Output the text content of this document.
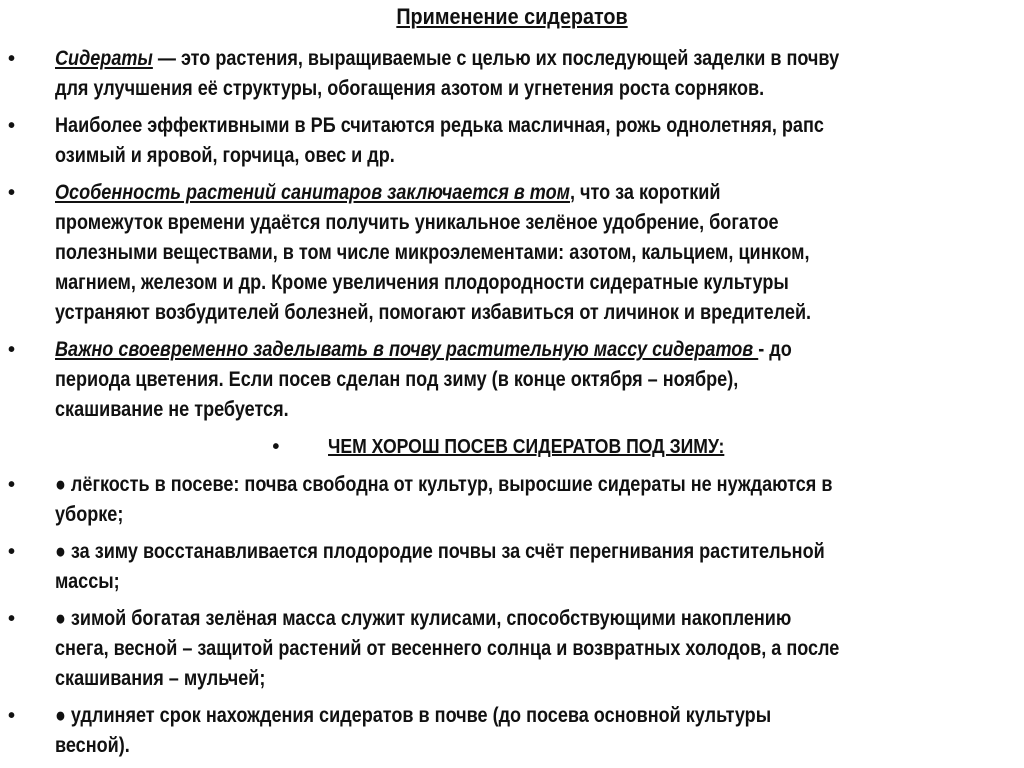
Применение сидератов
•	Сидераты — это растения, выращиваемые с целью их последующей заделки в почву
для улучшения её структуры, обогащения азотом и угнетения роста сорняков.
•	Наиболее эффективными в РБ считаются редька масличная, рожь однолетняя, рапс
озимый и яровой, горчица, овес и др.
•	Особенность растений санитаров заключается в том, что за короткий
промежуток времени удаётся получить уникальное зелёное удобрение, богатое
полезными веществами, в том числе микроэлементами: азотом, кальцием, цинком,
магнием, железом и др. Кроме увеличения плодородности сидератные культуры
устраняют возбудителей болезней, помогают избавиться от личинок и вредителей.
•	Важно своевременно заделывать в почву растительную массу сидератов - до
периода цветения. Если посев сделан под зиму (в конце октября – ноябре),
скашивание не требуется.
• ЧЕМ ХОРОШ ПОСЕВ СИДЕРАТОВ ПОД ЗИМУ:
•	● лёгкость в посеве: почва свободна от культур, выросшие сидераты не нуждаются в
уборке;
•	● за зиму восстанавливается плодородие почвы за счёт перегнивания растительной
массы;
•	● зимой богатая зелёная масса служит кулисами, способствующими накоплению
снега, весной – защитой растений от весеннего солнца и возвратных холодов, а после
скашивания – мульчей;
•	● удлиняет срок нахождения сидератов в почве (до посева основной культуры
весной).
